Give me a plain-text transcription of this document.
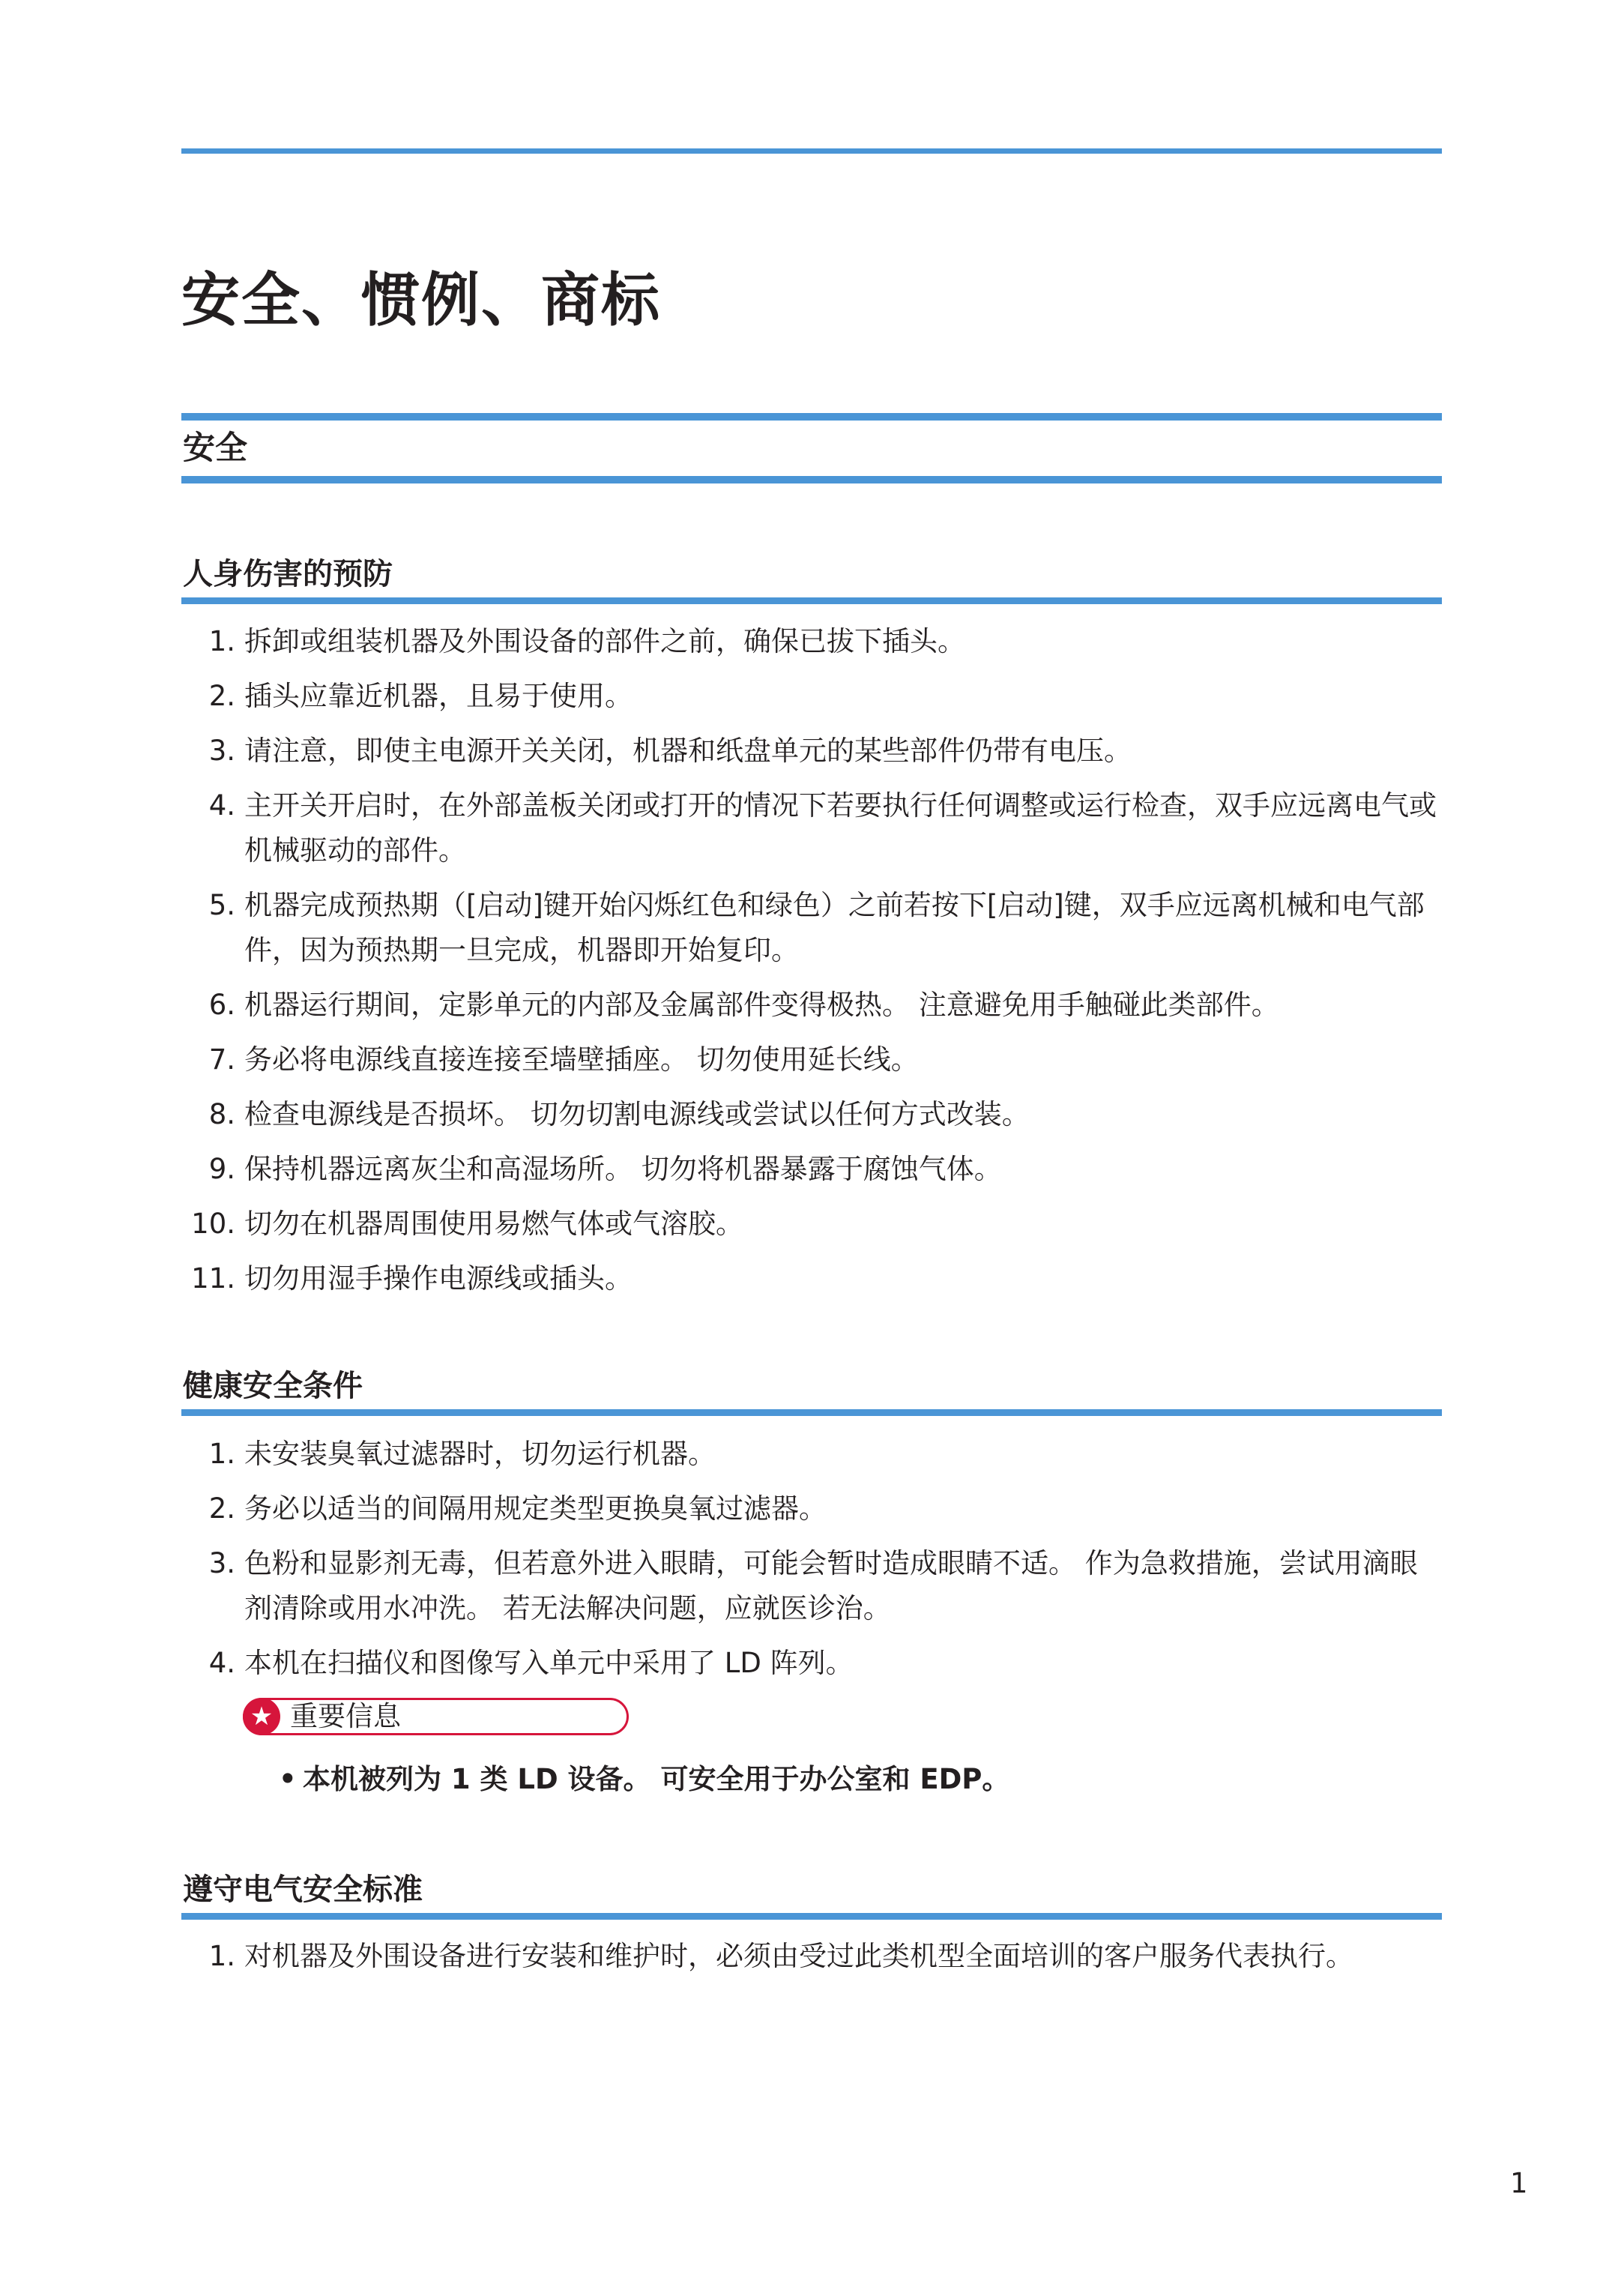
安全、惯例、商标
安全
人身伤害的预防
1. 拆卸或组装机器及外围设备的部件之前，确保已拔下插头。
2. 插头应靠近机器，且易于使用。
3. 请注意，即使主电源开关关闭，机器和纸盘单元的某些部件仍带有电压。
4. 主开关开启时，在外部盖板关闭或打开的情况下若要执行任何调整或运行检查，双手应远离电气或机械驱动的部件。
5. 机器完成预热期（[启动]键开始闪烁红色和绿色）之前若按下[启动]键，双手应远离机械和电气部件，因为预热期一旦完成，机器即开始复印。
6. 机器运行期间，定影单元的内部及金属部件变得极热。 注意避免用手触碰此类部件。
7. 务必将电源线直接连接至墙壁插座。 切勿使用延长线。
8. 检查电源线是否损坏。 切勿切割电源线或尝试以任何方式改装。
9. 保持机器远离灰尘和高湿场所。 切勿将机器暴露于腐蚀气体。
10. 切勿在机器周围使用易燃气体或气溶胶。
11. 切勿用湿手操作电源线或插头。
健康安全条件
1. 未安装臭氧过滤器时，切勿运行机器。
2. 务必以适当的间隔用规定类型更换臭氧过滤器。
3. 色粉和显影剂无毒，但若意外进入眼睛，可能会暂时造成眼睛不适。 作为急救措施，尝试用滴眼剂清除或用水冲洗。 若无法解决问题，应就医诊治。
4. 本机在扫描仪和图像写入单元中采用了 LD 阵列。
★ 重要信息
• 本机被列为 1 类 LD 设备。 可安全用于办公室和 EDP。
遵守电气安全标准
1. 对机器及外围设备进行安装和维护时，必须由受过此类机型全面培训的客户服务代表执行。
1
